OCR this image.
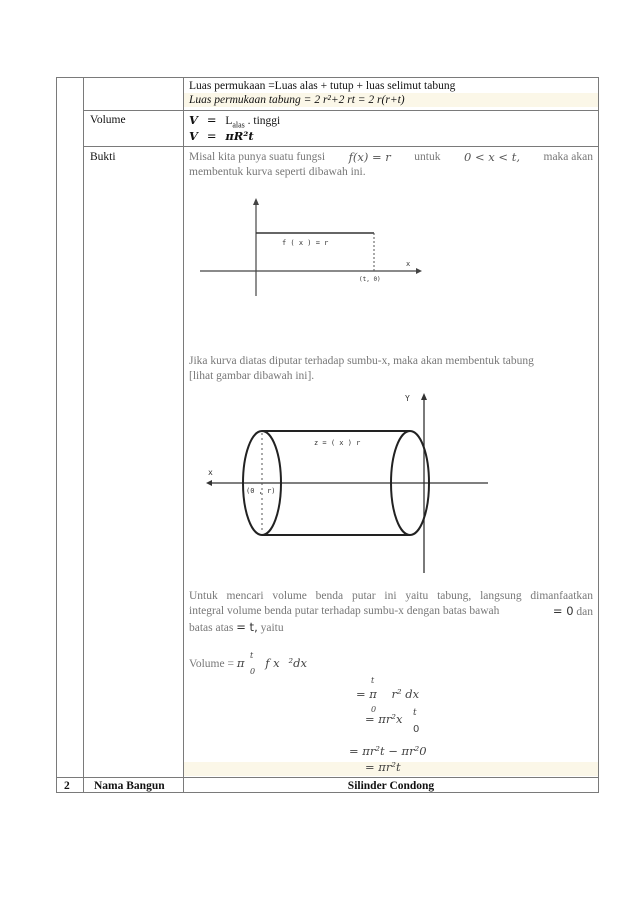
Luas permukaan =Luas alas + tutup + luas selimut tabung
Luas permukaan tabung = 2 r²+2 rt = 2 r(r+t)
Volume	$V = L_{alas}$ . tinggi
V = πR²t
Bukti	Misal kita punya suatu fungsi f(x) = r untuk 0 < x < t, maka akan
membentuk kurva seperti dibawah ini.
f ( x ) = r
(t, 0)
x
Jika kurva diatas diputar terhadap sumbu-x, maka akan membentuk tabung
[lihat gambar dibawah ini].
Y
x
z = ( x ) r
(0 , r)
Untuk mencari volume benda putar ini yaitu tabung, langsung dimanfaatkan
integral volume benda putar terhadap sumbu-x dengan batas bawah	= 0 dan
batas atas = t, yaitu
Volume = π f x ²dx
t
0
t
= π    r² dx
0
= πr²x t
0
= πr²t − πr²0
= πr²t
2 Nama Bangun	Silinder Condong
